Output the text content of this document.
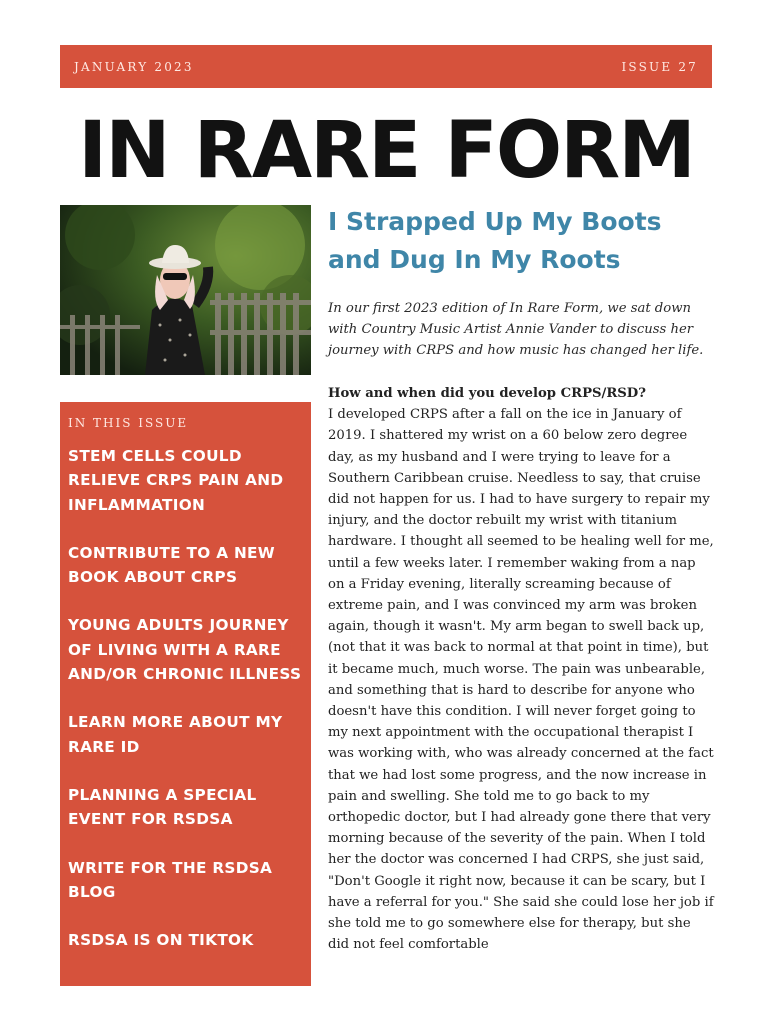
JANUARY 2023	ISSUE 27
IN RARE FORM
I Strapped Up My Boots and Dug In My Roots
In our first 2023 edition of In Rare Form, we sat down with Country Music Artist Annie Vander to discuss her journey with CRPS and how music has changed her life.
IN THIS ISSUE
STEM CELLS COULD RELIEVE CRPS PAIN AND INFLAMMATION
CONTRIBUTE TO A NEW BOOK ABOUT CRPS
YOUNG ADULTS JOURNEY OF LIVING WITH A RARE AND/OR CHRONIC ILLNESS
LEARN MORE ABOUT MY RARE ID
PLANNING A SPECIAL EVENT FOR RSDSA
WRITE FOR THE RSDSA BLOG
RSDSA IS ON TIKTOK
How and when did you develop CRPS/RSD?
I developed CRPS after a fall on the ice in January of 2019. I shattered my wrist on a 60 below zero degree day, as my husband and I were trying to leave for a Southern Caribbean cruise. Needless to say, that cruise did not happen for us. I had to have surgery to repair my injury, and the doctor rebuilt my wrist with titanium hardware. I thought all seemed to be healing well for me, until a few weeks later. I remember waking from a nap on a Friday evening, literally screaming because of extreme pain, and I was convinced my arm was broken again, though it wasn't. My arm began to swell back up, (not that it was back to normal at that point in time), but it became much, much worse. The pain was unbearable, and something that is hard to describe for anyone who doesn't have this condition. I will never forget going to my next appointment with the occupational therapist I was working with, who was already concerned at the fact that we had lost some progress, and the now increase in pain and swelling. She told me to go back to my orthopedic doctor, but I had already gone there that very morning because of the severity of the pain. When I told her the doctor was concerned I had CRPS, she just said, "Don't Google it right now, because it can be scary, but I have a referral for you." She said she could lose her job if she told me to go somewhere else for therapy, but she did not feel comfortable
